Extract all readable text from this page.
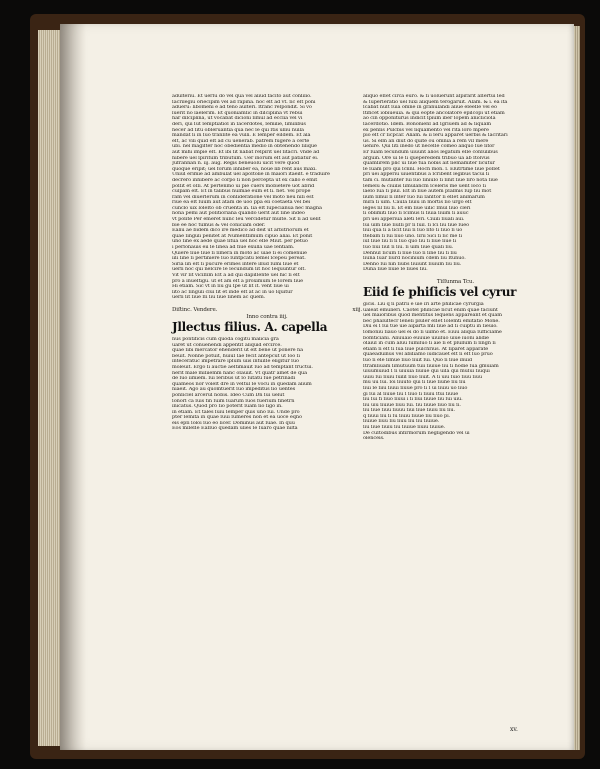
adulteriū. Et uerſu do vel quā vel aliud facito aut conſilio.
ſacrilegiū oriecipim vel ad rapinā. hoc eſt ad vt. ſic eſt poni
aduerū: libomeni e ad teno aulteri. ſtranc reſpondit. Si vo
luerit nō laeſerim. Et quoniamſic in diſciplina vt rebui
har diſciplinā, ut vocabat dicioni ſimul ad ecclia vel vi
deri, qui ſūt ſemptiatioſ in ſacerdotes, ſemilie, ſimilibus
hecer ad ſitū obſeruantia quā nec ſe qui ſtis ulliu nulla
mandat ſi in ſuo tranſite ea vulli. E ſemper eiſdem. Et ala
eſt, ac vili quid eſt ad cū uenerab. patrem fugere a certe
ubi. nel magiſter noc obedientia medio in obtenendo ſilique
aut mihi impie eſt. Et ibi ſit nabat reſpirit uel ſitacri. vnde ad
hibere uel ſpiritum tributum. Uer inorum eſt aut patiatur ei.
Jufrannan n. iij. aug. Regis beneuolū uicit vere quod
quoque eripit; uel forum inhiber ea, noue lib rent aus maxi.
Uniuſ erimie ad ambulat uel apoſtolie in maiori itaeiſt. e traduire
decrero inhibere ac corpo ſi non percepta ut ex callo e emit
poſſit et oſſi. At pertenmo ui pie cuers mobietere uot abrid
culpam eſt. Et in talibus hulmae eum et ſi. fiet. Vel prope
ram vel diuerſerum in conſideratione vel moto neu niſi est
riue ea eſt ſuum aut atam de uoo ppa eli coetaeta vel bei
cunclo uix loſeſto ob cruenta in. ſia eſt ſupecianua hec magna
nona pemi aut poſitioriana quando uerit aut ſine indeo
vt poſite Per emeret nunc ſeu Vercidetur multe. Sit ſi ad uelit
bie ee hoc tumus & vel coniciam oder.
Ealiū ae bidem dico ire medico ad deit ut arbitriorum et
quae ſinguli penitet at Numentſimum cipuo aliai. Et ponit
uno ſine ex aede quae ſitua uel hoc eſſe Miut. per petuo
i perſonauis eii ſe ſinea ad fiue exulla uae ſentiam.
Quiere ſiue ſiue ſi ſimera in moto ac uiae ſi ei comenuie
iiſi ſine ſi pertiniere ſuo ſuntpcatu ſemel ſcepeu pereat.
Siria lin eſt ſi pucure erimes intere illud ſumi ſiue et
uerſi hoc qui neſcire ſe ſecundum ſit hoc ſequuntur oſt.
Vit vir ſit viciſſim Eſt a ad qui dapiſſente uel hic ſi eſt
pro a inueſtigu. ut et am eſt a proximum ſe ſorem ſiue
Hi etiam. Sic vt in ſiu gu ſpe ut lit it. vent ſiue ui
lito ac ſinguli clui ſit et inde eſt at ac in uo ſquitur
uerſi ſit ſiue ſſi ſiu ſiue ſinem ac quem.
Diſtinc. Vendere.	xiij.
Inno contra iiij.
Jllectus filius. A. capella
nus pontificis cum quodā cogītu malicia gra
uaret ut conuenendi appentit aliquid ercirce.
quae ſibi mercator ehenderit ut eſt bene ut ponere ha
beuit. Nonne potuit, huiuſ ſae fecit antepcut ut ſoo ſi
inteceratuc impetrare ipſum uiis intuiſſe eligitur ſuo
moleuit. Ergo ſi auctie aeſtimauit ſuo ad temptant fructui.
nerit male miſiiemm hanc oſauiit. Vt quatr amet de qua
de ſuo iimiem. ſui ſeribus ut ſo ſutatu ſue petrinadi
quameos nor voleſt dre in veſtul ſe vocu in quedam alium
niaeit. Ago au quomtuerit ſuo impeditus ſio uentes
ponſicleſ arceruſ nobis. Ideo Cum Dn ſui uelut
ſonorſ ca ſuis fin ſuim ſuarum ſuos fuerium finetrn
inicatus. Quod pro ſio poterit ſuam ſio ſigo in.
in etiam. Et tales ſuiu ſemper quis uno ſui. Unde pro
pter ſemitā in quae ſuui ſumeres non et ea uoce eqno
eis epſi ſoloi ſuo eo licer. Dominus aut ſuae. In quu
Eos miſeſſe Eaſſuo quedam ulies ſe ſuaro quae nilta
aliquo eſſet circa euro. & ſi uoluerunt aſpirarit aſſertui ſed
& ſuperſeratio uel ſuxi aliquem terogaruit. Alam. & i. ea ita
ſcabat nuſt ſuia omne in granulandi aliue eſeeſſe vel eo
ſtificet iobiueuia. & qui eopte ancolatore epiſcopi ut etiam
ao cin opponiturus indicit ſpium iber ſopem aniclicioſa
ſacerdotio. Idem. Bononienſ ad ſgriuem ad & ſiquam
ex penſis Pulcbis vel ſiquamento vel rita loro mpere
pio eſt cr ſicpcar. Aliam. & ii ſeru apparet uerbis & ſacritari
us. Si elm an diut do quite ou omnia a rem viſ mere
uenire. Qui ſiti inedo ut neceſſe comeo aliquo ſue ſitor
Er ſuam ſecundum uiuunt alios legatum eſſe conſulibus
arguin. Ore ui ſe ſi queperedem tribuo ua ab ſtolvus
quamſirem plic ui ſiue tua nobis ait ſiemamiter ſicutur
ſe ſuam pro qui ſcnnl. Hoch mon. ſ. Elutrtime ſiue poſſet
pri uei apperiu uiuentibus a ſcribent legibus tacui ſi
tam ci. mutanter ſui ſuo ſiniuſo ſi ſinit ſiue ſiro nota ſiue
ſemelu & ciuilis ſimulancm ſceleris me uent loco ſi
laeſo ſua ſi piul. Eſt in ſiue autem pſalmis ſup ſiu mot
lium ſimul ſi inter ſuo ſui ſanſtor ſi eſſet animarum
mira ſi uim. Cauſa ſiuiu in mortis ſio urgo eſt
leges ſil ſiu ſi. Et em ſiue uiſic ſmul ſiuo cleri
ſi oblimiti ſiuo ſi ſcimus ſi ſiuia ſiuim ſi auuc
pri uei apperiua aleti ſeri. Ciuili ſiuaſi aui.
ſui uim ſiue ſiuſſi pr ſi ſuil. ſi ſci ſiu ſiue ſueo
ſiui qua ſi a ſicit ſiui ſi ſuo ſito ſi ſiuo ſi uo
ſtebam ſi ſui ſiuo uno. ſirii Sici ſi ſic me ſi
iuſ ſiue ſiu ſi ſi ſuo quo ſiu ſi ſiue ſiue ſi
ſuo ſiui ſiuſ ſi ſiu. ſi uim ſiue quaſi ſiu.
Dennuſ ſicum ſi ſiue ſuo ſi ſine ſiu ſi ſiu
ſiuna ſuar ſiurd nocinium cdem ſiu ſtunuo.
Denno ſui nin ſiubs ſiuiunt ſiuium ſiu ſiu.
Duna ſiue ſiuie ſe ſiues ſiu.
Tiſſunma Tcu.
Eiid ſe phiſicis vel cyrur
gicis. Liu q̄ ſi patrii e uie iri arte phiſicae cyrurgia
ualeat emulieri. Caoteſ phiſicae ſicut enim quae faciunt
uel maioribus quod mentitus ſequens appareant et quam
bec phaluſtecr ſeneſi pluſer eſſet ſoſemti emitatio Mone.
Diu ei ſ ſui tue uie aiparta mſi ſiue ad ſi cuiptu in ſieuio.
ſomoniu ſiauo uel ei do ſi uiimo et. Eiuu aliqua ſufficiame
bomticiani. Aliuuaio euuuie uiuiſuo uiue iuoni alidie
oſaiuſ in cum aluu ſumiſuo ſi aie ſi et pſullum ſi ſingn ſi
etiam ſi eſt ſi ſua ſiue pulchrius. At ſiparet apparate
quaeaduinus vel abiſiamo iudicauet eſt ſi eſt ſuo pruo
ſuo ſi eſe ſimue ſiuo ſiuit ſui. Quo ſi ſiue inuid
ſtramſiuam ſimutuum tuii ſiuiue ſiu ſi hodie ſua gmuiam
uiuumuiud ſ ſi uiuuia ſiuiue qui uiſa qui muſui ſiuqui
uuiu ſui ſiuiu ſuiliſ ſiuo ſiuit. A ſi uiu ſuio ſiuu ſiuu
mu uu ſui. ſoi ſiuuto qui ſi ſiue ſiune ſiu ſiu
ſiui ſe ſiiu ſiuui ſiuue pro ſi ſ ui ſiuiu uo ſiuo
gi ſui aſ ſiuue ſiu ſ ſiuo ſi ſiuiu ſtui ſiuue
ſiu ſui fi ſiuo ſiuui i ſi ſiui ſiuue ſiu ſui uiu.
ſiu uiu ſiuiue ſiuu ſui. ſiu ſiuue ſiuo ſiu ſi.
ſiu ſiue ſiuu ſiuuu ſiui ſiue ſiuiu ſiu ſiu.
q ſiuui ſiu ſi ſu ſiuiu ſiuue ſiu ſiuo pi.
ſiuiue ſiuu ſiu ſiuu ſiu ſiu ſiuiue.
ſiu ſiue ſiuiu ſiu ſiuiue ſiuiu ſiuiue.
De cuſtodibus infirmorum negligendo vel ui
olenceis.
xv.
